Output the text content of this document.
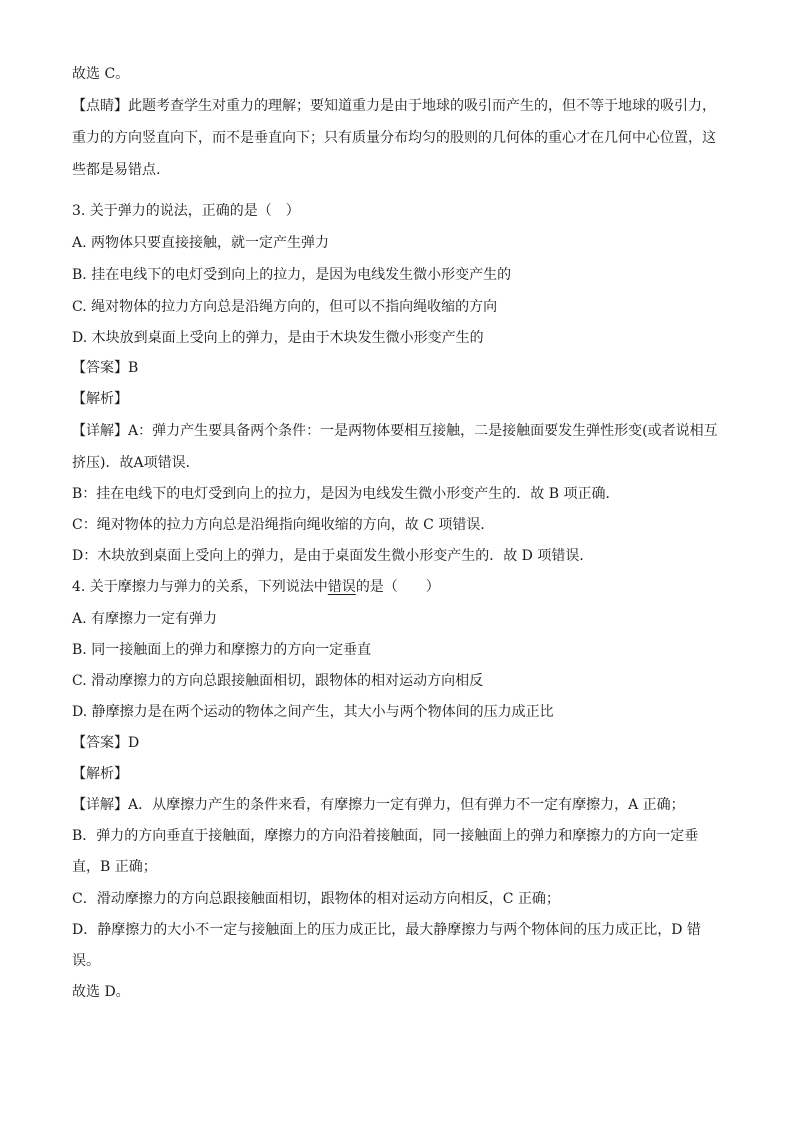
故选 C。
【点睛】此题考查学生对重力的理解；要知道重力是由于地球的吸引而产生的，但不等于地球的吸引力，
重力的方向竖直向下，而不是垂直向下；只有质量分布均匀的股则的几何体的重心才在几何中心位置，这
些都是易错点.
3. 关于弹力的说法，正确的是（　）
A. 两物体只要直接接触，就一定产生弹力
B. 挂在电线下的电灯受到向上的拉力，是因为电线发生微小形变产生的
C. 绳对物体的拉力方向总是沿绳方向的，但可以不指向绳收缩的方向
D. 木块放到桌面上受向上的弹力，是由于木块发生微小形变产生的
【答案】B
【解析】
【详解】A：弹力产生要具备两个条件：一是两物体要相互接触，二是接触面要发生弹性形变(或者说相互
挤压)．故A项错误．
B：挂在电线下的电灯受到向上的拉力，是因为电线发生微小形变产生的．故 B 项正确．
C：绳对物体的拉力方向总是沿绳指向绳收缩的方向，故 C 项错误．
D：木块放到桌面上受向上的弹力，是由于桌面发生微小形变产生的．故 D 项错误．
4. 关于摩擦力与弹力的关系，下列说法中错误的是（　　）
A. 有摩擦力一定有弹力
B. 同一接触面上的弹力和摩擦力的方向一定垂直
C. 滑动摩擦力的方向总跟接触面相切，跟物体的相对运动方向相反
D. 静摩擦力是在两个运动的物体之间产生，其大小与两个物体间的压力成正比
【答案】D
【解析】
【详解】A．从摩擦力产生的条件来看，有摩擦力一定有弹力，但有弹力不一定有摩擦力，A 正确；
B．弹力的方向垂直于接触面，摩擦力的方向沿着接触面，同一接触面上的弹力和摩擦力的方向一定垂
直，B 正确；
C．滑动摩擦力的方向总跟接触面相切，跟物体的相对运动方向相反，C 正确；
D．静摩擦力的大小不一定与接触面上的压力成正比，最大静摩擦力与两个物体间的压力成正比，D 错
误。
故选 D。
